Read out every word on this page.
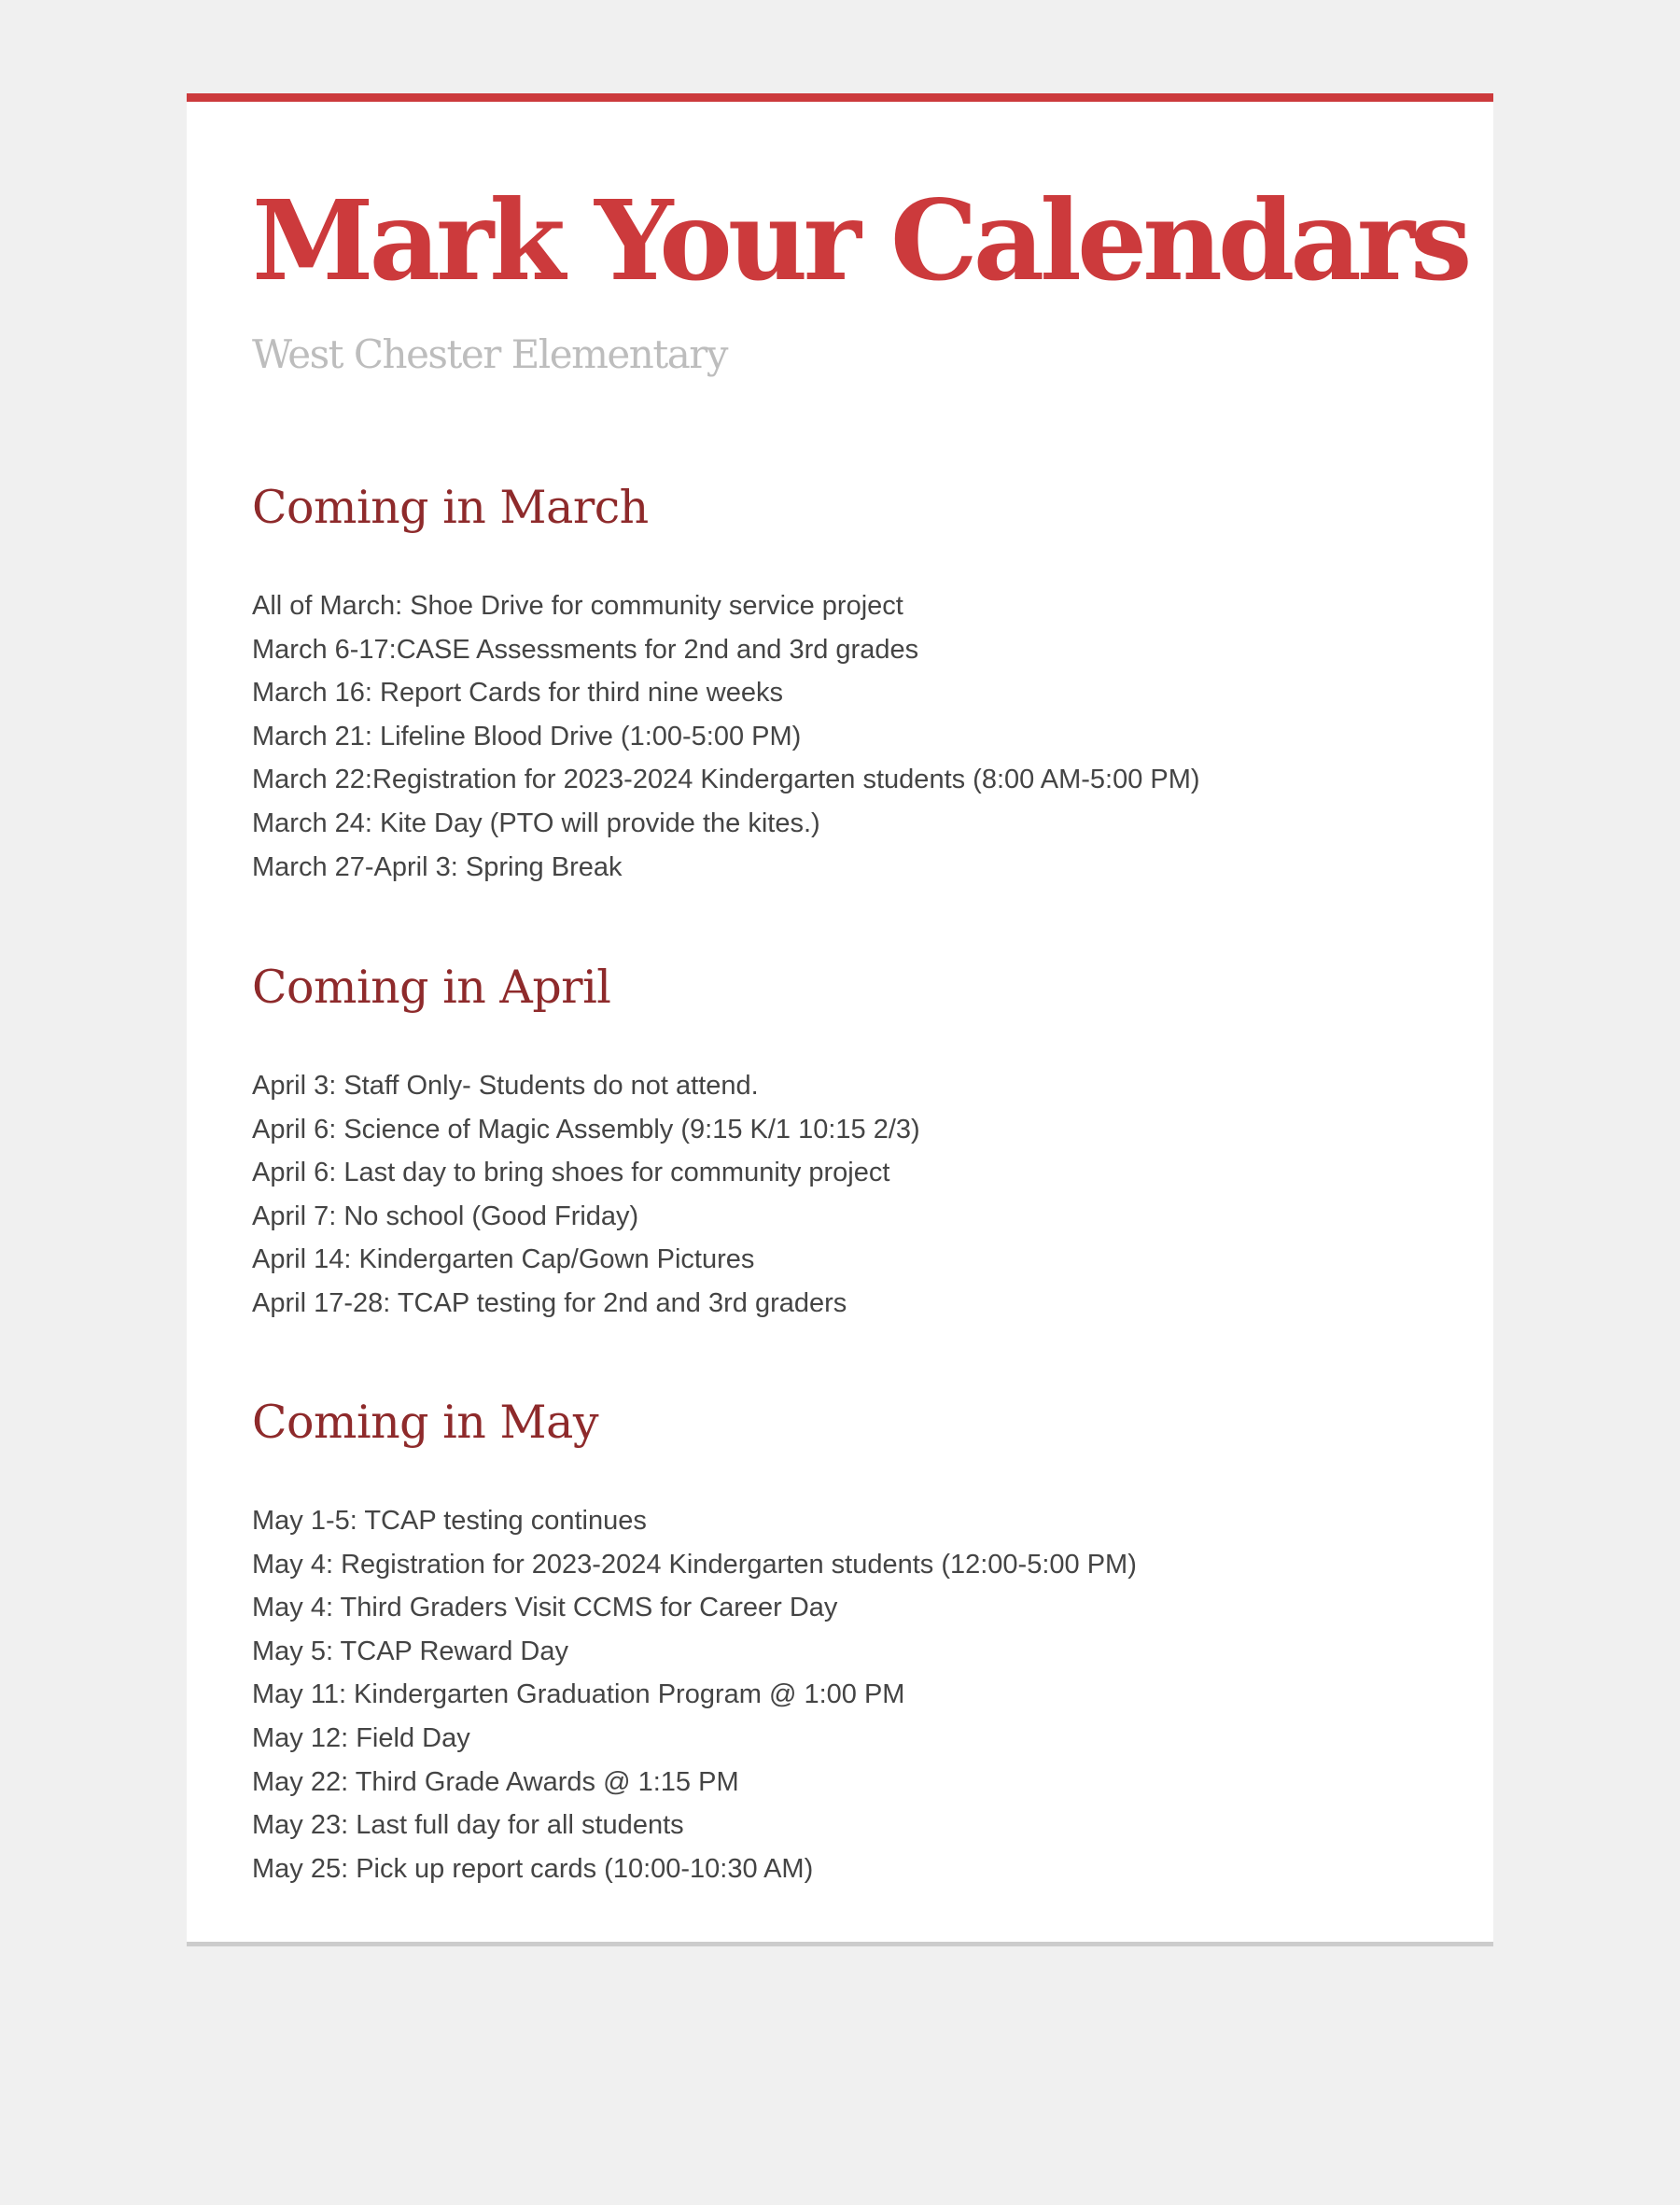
Mark Your Calendars

West Chester Elementary

Coming in March
All of March: Shoe Drive for community service project
March 6-17:CASE Assessments for 2nd and 3rd grades
March 16: Report Cards for third nine weeks
March 21: Lifeline Blood Drive (1:00-5:00 PM)
March 22:Registration for 2023-2024 Kindergarten students (8:00 AM-5:00 PM)
March 24: Kite Day (PTO will provide the kites.)
March 27-April 3: Spring Break
Coming in April
April 3: Staff Only- Students do not attend.
April 6: Science of Magic Assembly (9:15 K/1 10:15 2/3)
April 6: Last day to bring shoes for community project
April 7: No school (Good Friday)
April 14: Kindergarten Cap/Gown Pictures
April 17-28: TCAP testing for 2nd and 3rd graders
Coming in May
May 1-5: TCAP testing continues
May 4: Registration for 2023-2024 Kindergarten students (12:00-5:00 PM)
May 4: Third Graders Visit CCMS for Career Day
May 5: TCAP Reward Day
May 11: Kindergarten Graduation Program @ 1:00 PM
May 12: Field Day
May 22: Third Grade Awards @ 1:15 PM
May 23: Last full day for all students
May 25: Pick up report cards (10:00-10:30 AM)
